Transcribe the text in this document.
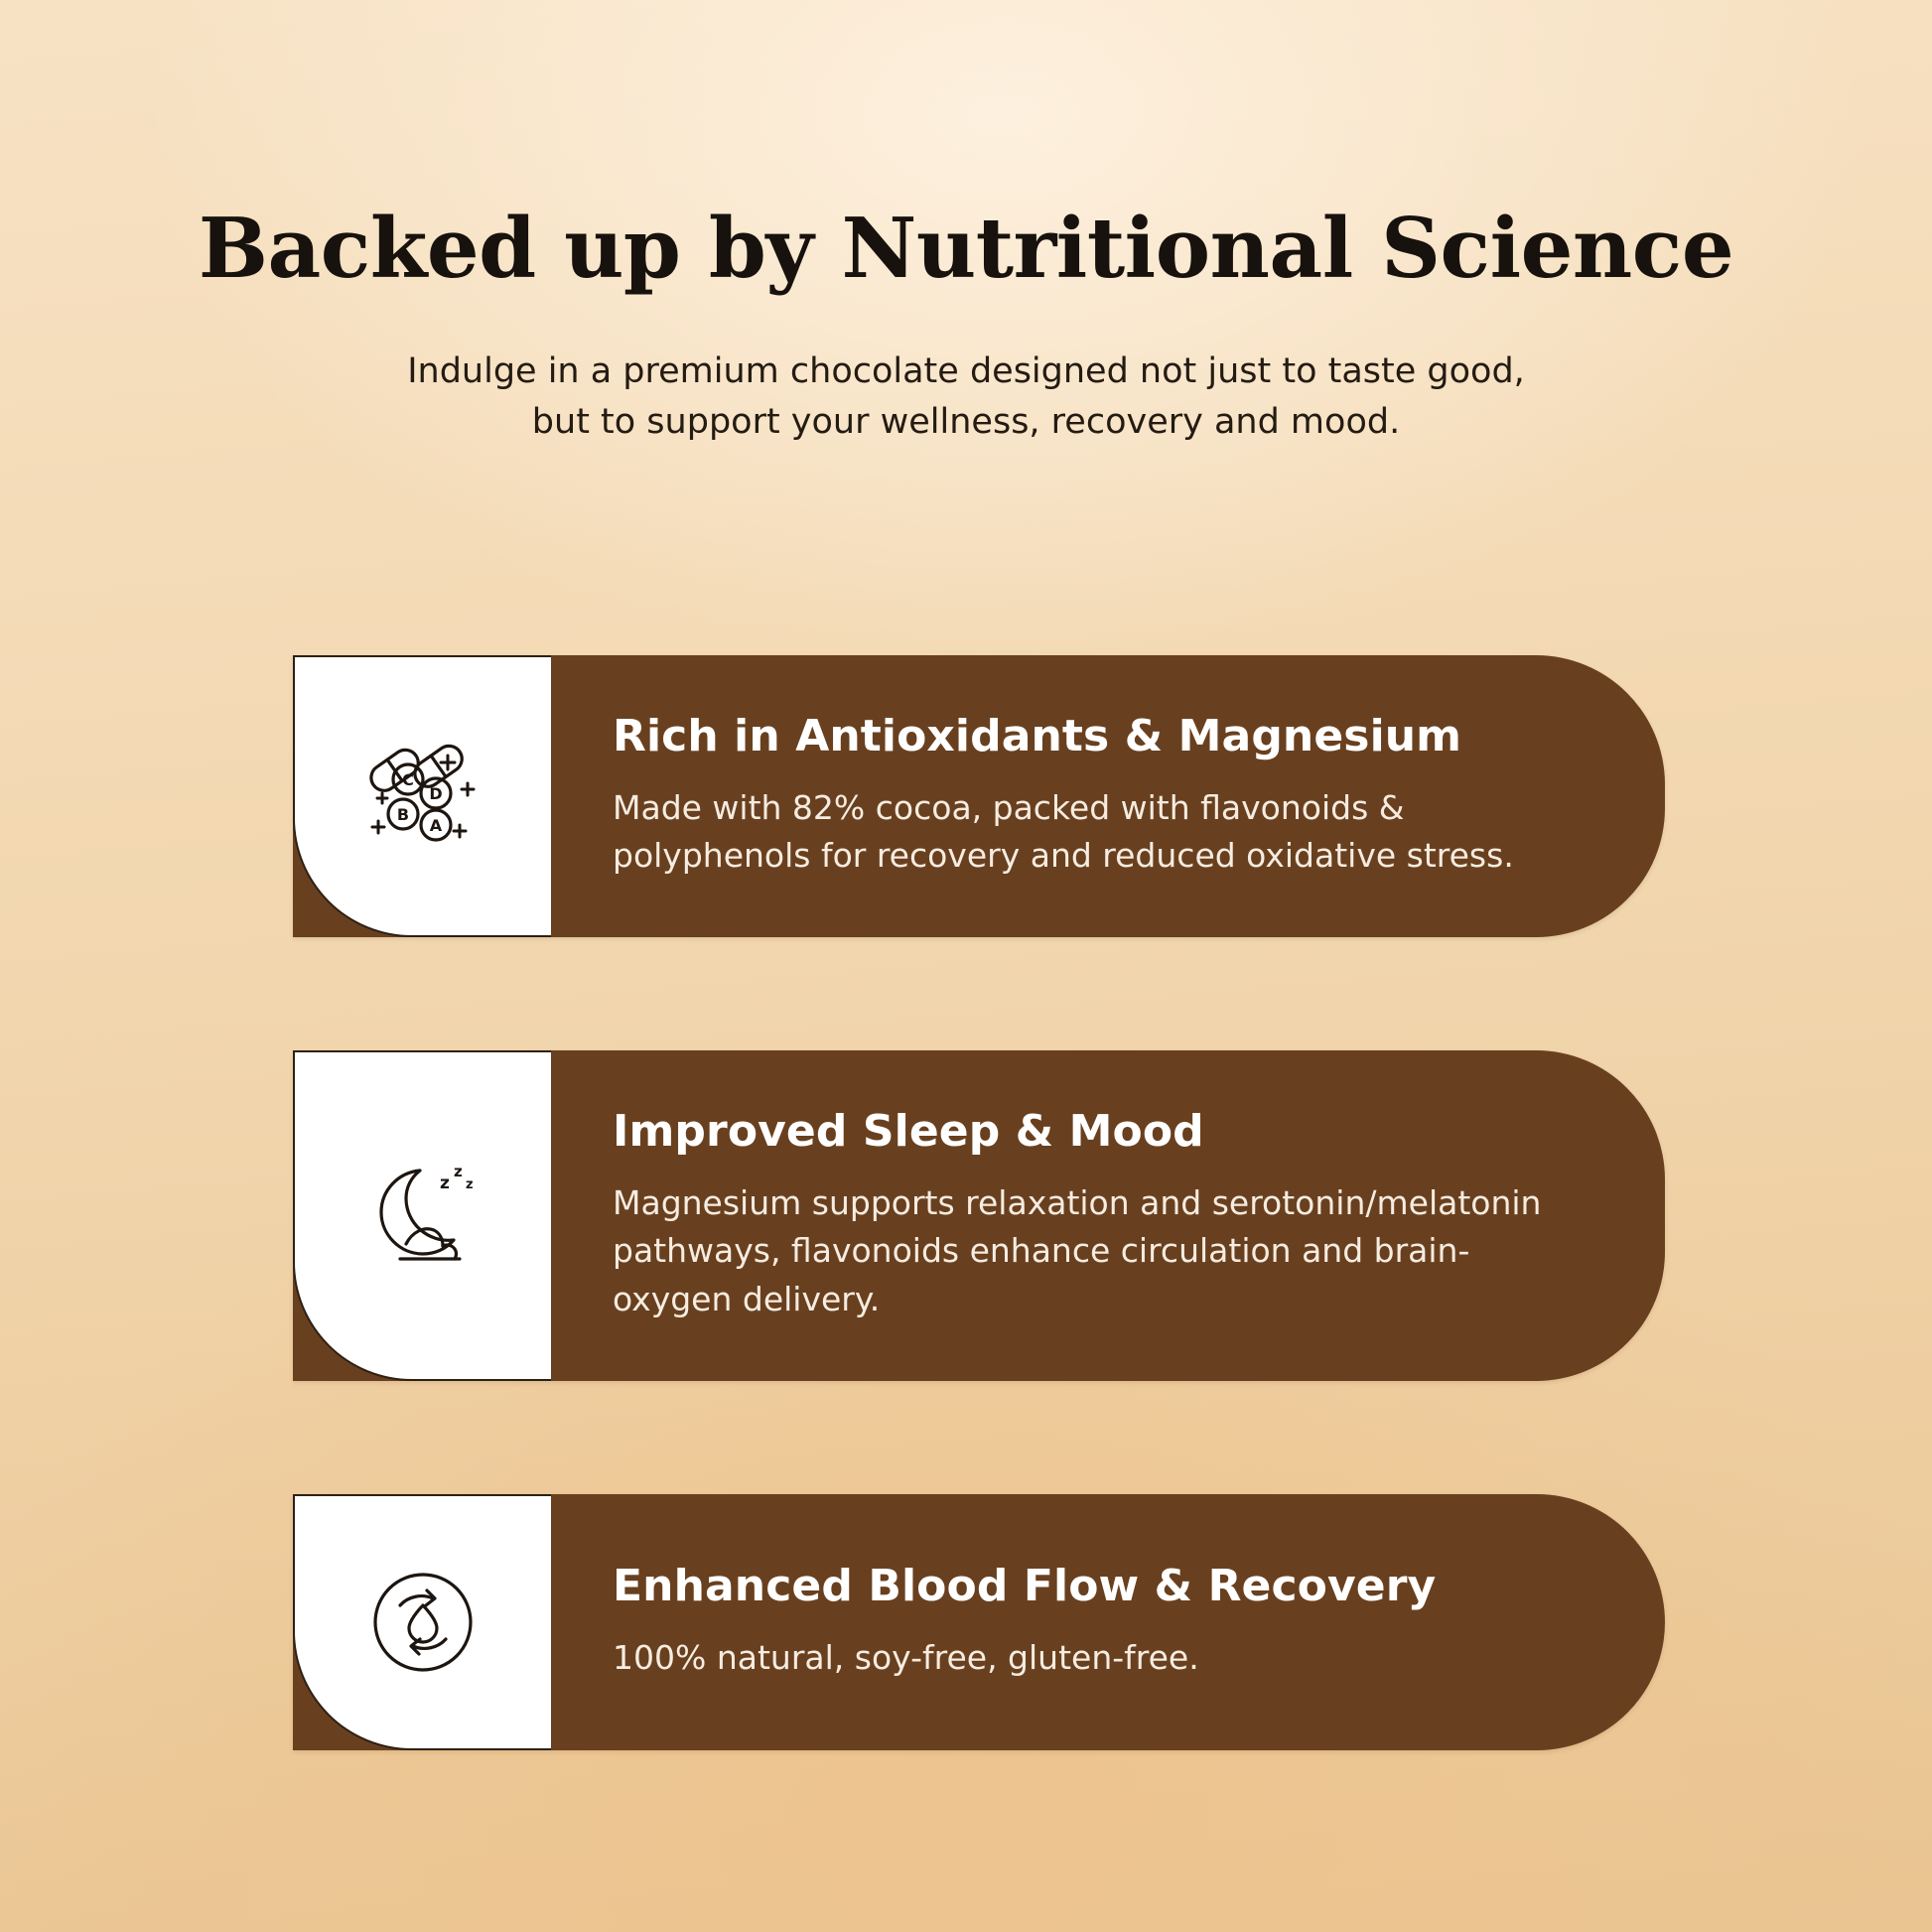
Backed up by Nutritional Science
Indulge in a premium chocolate designed not just to taste good,
but to support your wellness, recovery and mood.
C
D
B
A
Rich in Antioxidants & Magnesium

Made with 82% cocoa, packed with flavonoids & polyphenols for recovery and reduced oxidative stress.

z
z
z
Improved Sleep & Mood

Magnesium supports relaxation and serotonin/melatonin pathways, flavonoids enhance circulation and brain-oxygen delivery.

Enhanced Blood Flow & Recovery

100% natural, soy-free, gluten-free.
